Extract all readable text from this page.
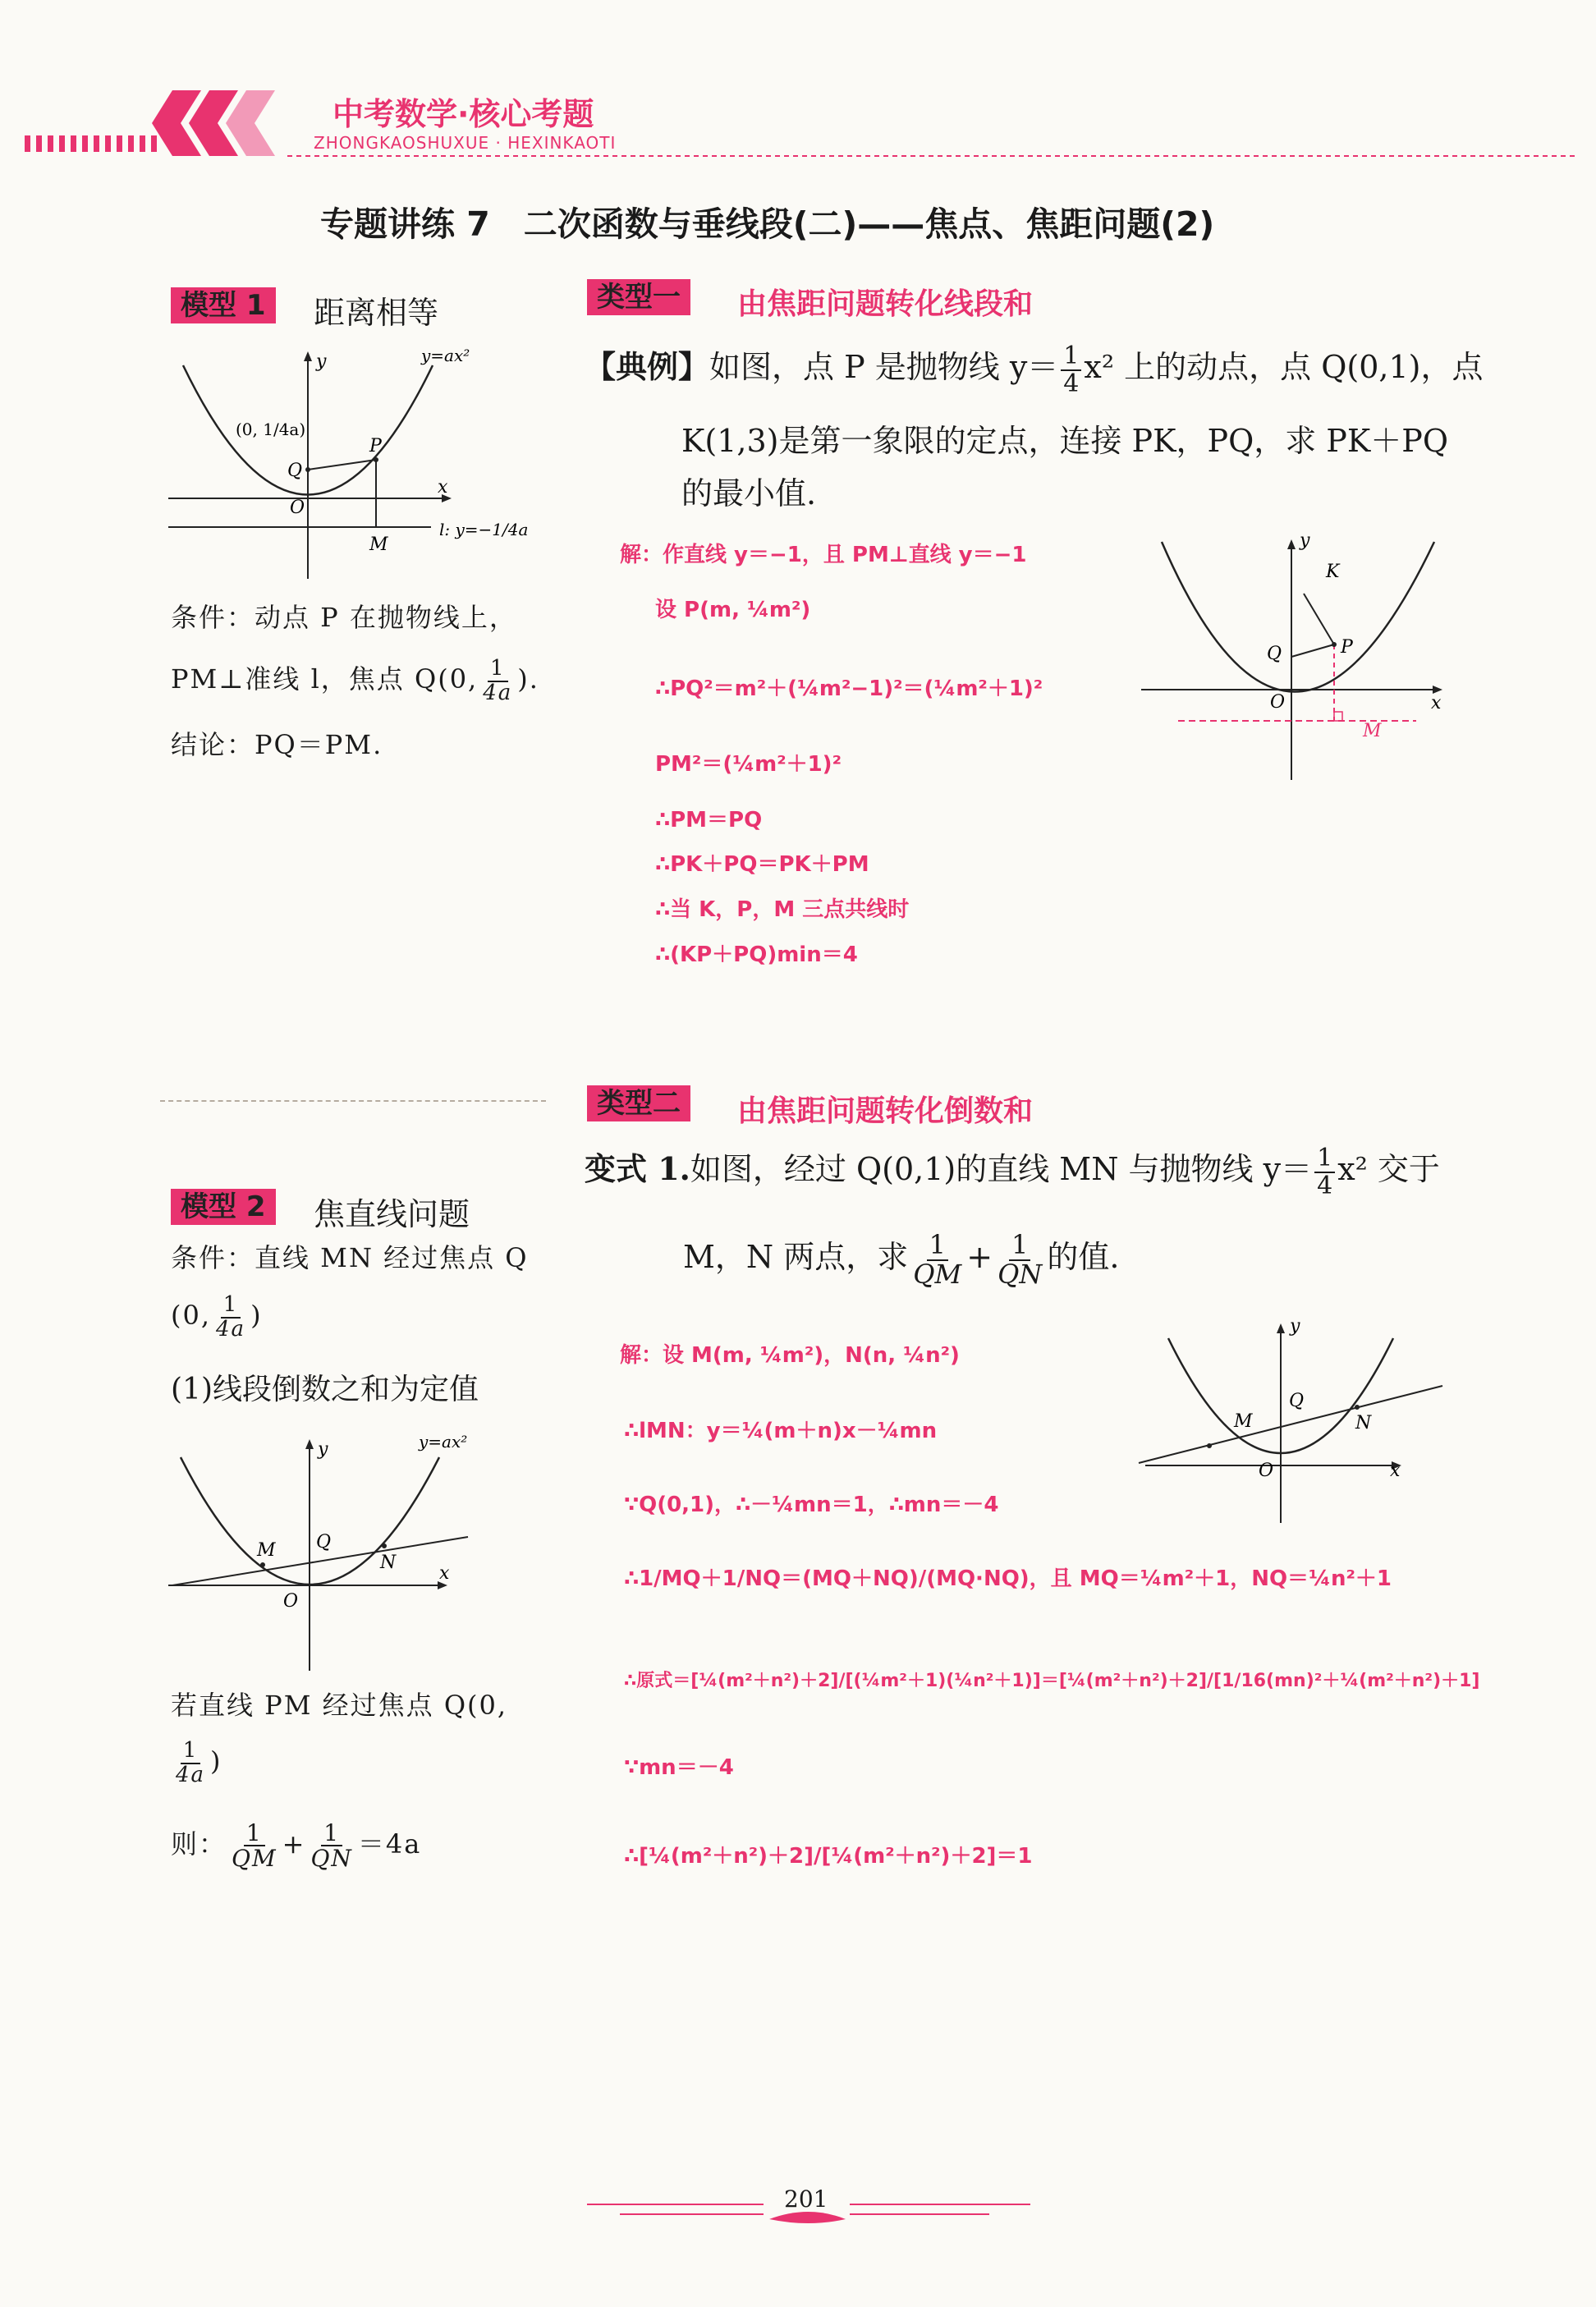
中考数学·核心考题
ZHONGKAOSHUXUE · HEXINKAOTI
专题讲练 7　二次函数与垂线段(二)——焦点、焦距问题(2)
模型 1	距离相等
y	y=ax²
x
O
Q
P
M
(0, 1/4a)
l: y=−1/4a
条件：动点 P 在抛物线上，
PM⊥准线 l，焦点 Q(0, $\frac{1}{4a}$ ).
结论：PQ＝PM.
模型 2	焦直线问题
条件：直线 MN 经过焦点 Q
(0, $\frac{1}{4a}$ )
(1)线段倒数之和为定值
y	y=ax²
x
O
Q
M
N
若直线 PM 经过焦点 Q(0,
$\frac{1}{4a}$ )
则： $\frac{1}{QM} + \frac{1}{QN} =4a$
类型一	由焦距问题转化线段和
【典例】如图，点 P 是抛物线 $y= \frac{1}{4} x^2$ 上的动点，点 Q(0,1)，点
K(1,3)是第一象限的定点，连接 PK，PQ，求 PK＋PQ
的最小值.
解：作直线 y＝−1，且 PM⊥直线 y＝−1
设 P(m, ¼m²)
∴PQ²＝m²＋(¼m²−1)²＝(¼m²＋1)²
PM²＝(¼m²＋1)²
∴PM＝PQ
∴PK＋PQ＝PK＋PM
∴当 K，P，M 三点共线时
∴(KP＋PQ)min＝4
y
x
O
Q	P
K
M
类型二	由焦距问题转化倒数和
变式 1.如图，经过 Q(0,1)的直线 MN 与抛物线 $y= \frac{1}{4} x^2$ 交于
M，N 两点，求 $\frac{1}{QM} + \frac{1}{QN}$ 的值.
解：设 M(m, ¼m²)，N(n, ¼n²)
∴lMN：y＝¼(m＋n)x－¼mn
∵Q(0,1)，∴－¼mn＝1，∴mn＝－4
∴1/MQ＋1/NQ＝(MQ＋NQ)/(MQ·NQ)，且 MQ＝¼m²＋1，NQ＝¼n²＋1
∴原式＝[¼(m²＋n²)＋2]/[(¼m²＋1)(¼n²＋1)]＝[¼(m²＋n²)＋2]/[1/16(mn)²＋¼(m²＋n²)＋1]
∵mn＝－4
∴[¼(m²＋n²)＋2]/[¼(m²＋n²)＋2]＝1
y
x
O
Q
M	N
201
